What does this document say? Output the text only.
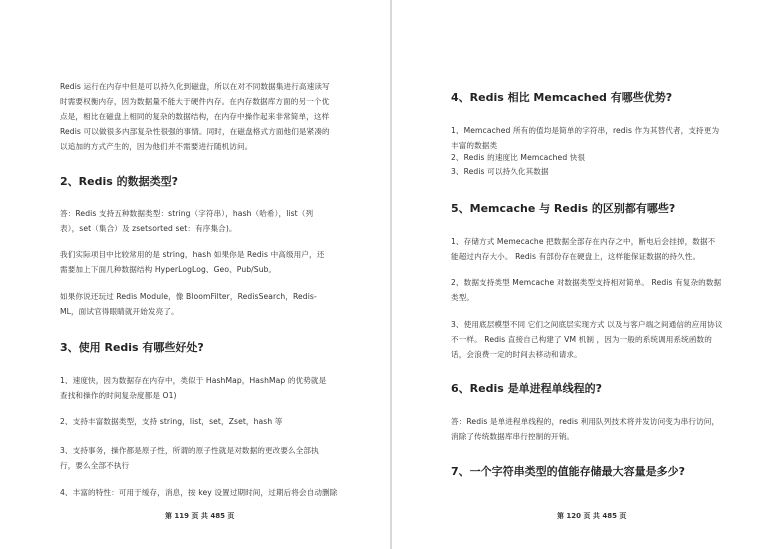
Redis 运行在内存中但是可以持久化到磁盘，所以在对不同数据集进行高速读写时需要权衡内存，因为数据量不能大于硬件内存。在内存数据库方面的另一个优点是，相比在磁盘上相同的复杂的数据结构，在内存中操作起来非常简单，这样 Redis 可以做很多内部复杂性很强的事情。同时，在磁盘格式方面他们是紧凑的以追加的方式产生的，因为他们并不需要进行随机访问。

2、Redis 的数据类型?

答：Redis 支持五种数据类型：string（字符串），hash（哈希），list（列表），set（集合）及 zsetsorted set：有序集合)。

我们实际项目中比较常用的是 string，hash 如果你是 Redis 中高级用户，还需要加上下面几种数据结构 HyperLogLog、Geo、Pub/Sub。

如果你说还玩过 Redis Module，像 BloomFilter，RedisSearch，Redis-ML，面试官得眼睛就开始发亮了。

3、使用 Redis 有哪些好处?

1、速度快，因为数据存在内存中，类似于 HashMap，HashMap 的优势就是查找和操作的时间复杂度都是 O1)

2、支持丰富数据类型，支持 string，list，set，Zset，hash 等

3、支持事务，操作都是原子性，所谓的原子性就是对数据的更改要么全部执行，要么全部不执行

4、丰富的特性：可用于缓存，消息，按 key 设置过期时间，过期后将会自动删除

第 119 页 共 485 页
4、Redis 相比 Memcached 有哪些优势?

1、Memcached 所有的值均是简单的字符串，redis 作为其替代者，支持更为丰富的数据类

2、Redis 的速度比 Memcached 快很

3、Redis 可以持久化其数据

5、Memcache 与 Redis 的区别都有哪些?

1、存储方式 Memecache 把数据全部存在内存之中，断电后会挂掉，数据不能超过内存大小。 Redis 有部份存在硬盘上，这样能保证数据的持久性。

2、数据支持类型 Memcache 对数据类型支持相对简单。 Redis 有复杂的数据类型。

3、使用底层模型不同 它们之间底层实现方式 以及与客户端之间通信的应用协议不一样。 Redis 直接自己构建了 VM 机制 ，因为一般的系统调用系统函数的话，会浪费一定的时间去移动和请求。

6、Redis 是单进程单线程的?

答：Redis 是单进程单线程的，redis 利用队列技术将并发访问变为串行访问，消除了传统数据库串行控制的开销。

7、一个字符串类型的值能存储最大容量是多少?
第 120 页 共 485 页
